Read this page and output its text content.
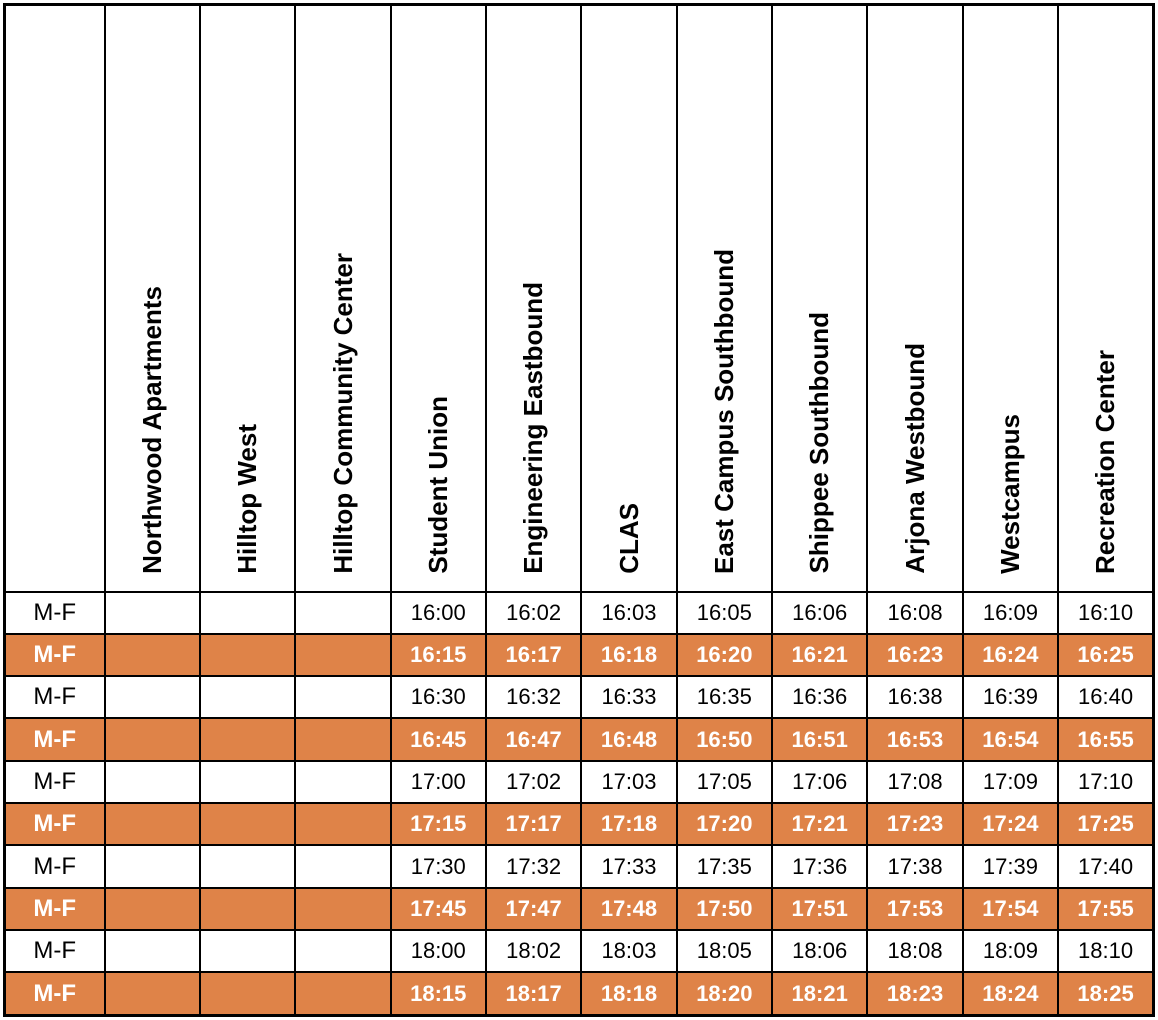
	Northwood Apartments	Hilltop West	Hilltop Community Center	Student Union	Engineering Eastbound	CLAS	East Campus Southbound	Shippee Southbound	Arjona Westbound	Westcampus	Recreation Center
M-F				16:00	16:02	16:03	16:05	16:06	16:08	16:09	16:10
M-F				16:15	16:17	16:18	16:20	16:21	16:23	16:24	16:25
M-F				16:30	16:32	16:33	16:35	16:36	16:38	16:39	16:40
M-F				16:45	16:47	16:48	16:50	16:51	16:53	16:54	16:55
M-F				17:00	17:02	17:03	17:05	17:06	17:08	17:09	17:10
M-F				17:15	17:17	17:18	17:20	17:21	17:23	17:24	17:25
M-F				17:30	17:32	17:33	17:35	17:36	17:38	17:39	17:40
M-F				17:45	17:47	17:48	17:50	17:51	17:53	17:54	17:55
M-F				18:00	18:02	18:03	18:05	18:06	18:08	18:09	18:10
M-F				18:15	18:17	18:18	18:20	18:21	18:23	18:24	18:25
